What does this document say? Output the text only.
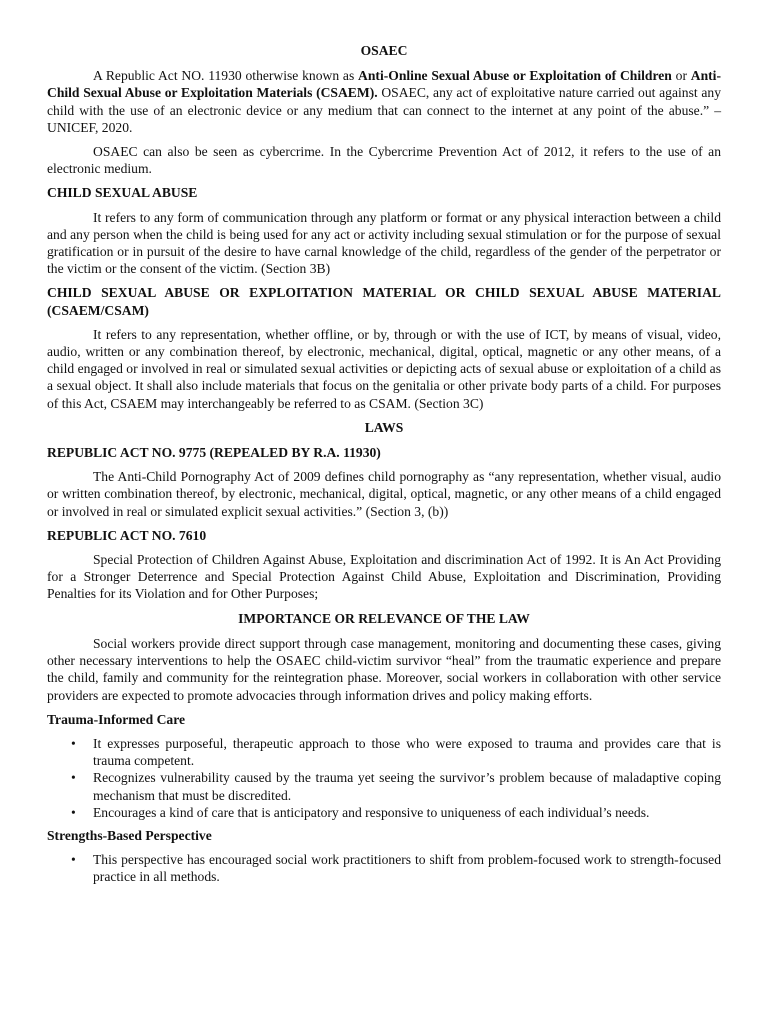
OSAEC

A Republic Act NO. 11930 otherwise known as Anti-Online Sexual Abuse or Exploitation of Children or Anti-Child Sexual Abuse or Exploitation Materials (CSAEM). OSAEC, any act of exploitative nature carried out against any child with the use of an electronic device or any medium that can connect to the internet at any point of the abuse.” – UNICEF, 2020.

OSAEC can also be seen as cybercrime. In the Cybercrime Prevention Act of 2012, it refers to the use of an electronic medium.

CHILD SEXUAL ABUSE

It refers to any form of communication through any platform or format or any physical interaction between a child and any person when the child is being used for any act or activity including sexual stimulation or for the purpose of sexual gratification or in pursuit of the desire to have carnal knowledge of the child, regardless of the gender of the perpetrator or the victim or the consent of the victim. (Section 3B)

CHILD SEXUAL ABUSE OR EXPLOITATION MATERIAL OR CHILD SEXUAL ABUSE MATERIAL (CSAEM/CSAM)

It refers to any representation, whether offline, or by, through or with the use of ICT, by means of visual, video, audio, written or any combination thereof, by electronic, mechanical, digital, optical, magnetic or any other means, of a child engaged or involved in real or simulated sexual activities or depicting acts of sexual abuse or exploitation of a child as a sexual object. It shall also include materials that focus on the genitalia or other private body parts of a child. For purposes of this Act, CSAEM may interchangeably be referred to as CSAM. (Section 3C)

LAWS
REPUBLIC ACT NO. 9775 (REPEALED BY R.A. 11930)

The Anti-Child Pornography Act of 2009 defines child pornography as “any representation, whether visual, audio or written combination thereof, by electronic, mechanical, digital, optical, magnetic, or any other means of a child engaged or involved in real or simulated explicit sexual activities.” (Section 3, (b))

REPUBLIC ACT NO. 7610

Special Protection of Children Against Abuse, Exploitation and discrimination Act of 1992. It is An Act Providing for a Stronger Deterrence and Special Protection Against Child Abuse, Exploitation and Discrimination, Providing Penalties for its Violation and for Other Purposes;

IMPORTANCE OR RELEVANCE OF THE LAW

Social workers provide direct support through case management, monitoring and documenting these cases, giving other necessary interventions to help the OSAEC child-victim survivor “heal” from the traumatic experience and prepare the child, family and community for the reintegration phase. Moreover, social workers in collaboration with other service providers are expected to promote advocacies through information drives and policy making efforts.

Trauma-Informed Care
• It expresses purposeful, therapeutic approach to those who were exposed to trauma and provides care that is trauma competent.
• Recognizes vulnerability caused by the trauma yet seeing the survivor’s problem because of maladaptive coping mechanism that must be discredited.
• Encourages a kind of care that is anticipatory and responsive to uniqueness of each individual’s needs.
Strengths-Based Perspective
• This perspective has encouraged social work practitioners to shift from problem-focused work to strength-focused practice in all methods.
